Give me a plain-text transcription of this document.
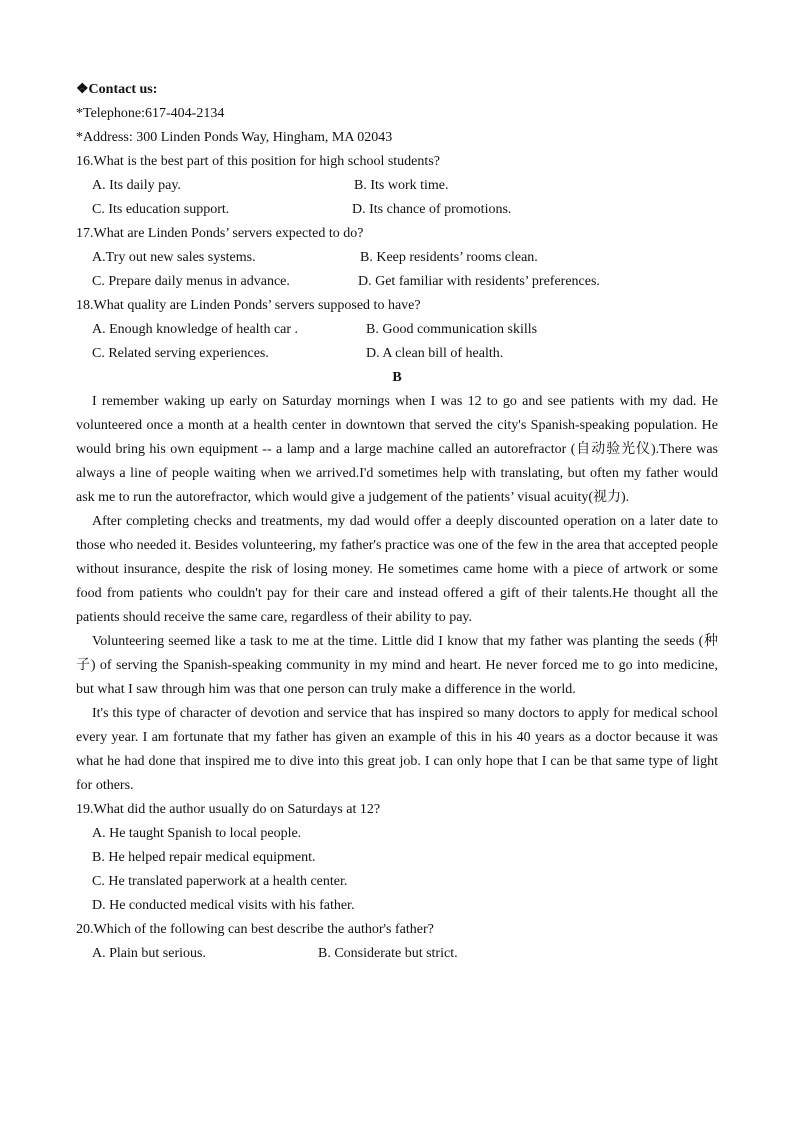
❖Contact us:
*Telephone:617-404-2134
*Address: 300 Linden Ponds Way, Hingham, MA 02043
16.What is the best part of this position for high school students?
A. Its daily pay.	B. Its work time.
C. Its education support.	D. Its chance of promotions.
17.What are Linden Ponds’ servers expected to do?
A.Try out new sales systems.	B. Keep residents’ rooms clean.
C. Prepare daily menus in advance.	D. Get familiar with residents’ preferences.
18.What quality are Linden Ponds’ servers supposed to have?
A. Enough knowledge of health car .	B. Good communication skills
C. Related serving experiences.	D. A clean bill of health.
B

I remember waking up early on Saturday mornings when I was 12 to go and see patients with my dad. He volunteered once a month at a health center in downtown that served the city's Spanish-speaking population. He would bring his own equipment -- a lamp and a large machine called an autorefractor (自动验光仪).There was always a line of people waiting when we arrived.I'd sometimes help with translating, but often my father would ask me to run the autorefractor, which would give a judgement of the patients’ visual acuity(视力).

After completing checks and treatments, my dad would offer a deeply discounted operation on a later date to those who needed it. Besides volunteering, my father's practice was one of the few in the area that accepted people without insurance, despite the risk of losing money. He sometimes came home with a piece of artwork or some food from patients who couldn't pay for their care and instead offered a gift of their talents.He thought all the patients should receive the same care, regardless of their ability to pay.

Volunteering seemed like a task to me at the time. Little did I know that my father was planting the seeds (种子) of serving the Spanish-speaking community in my mind and heart. He never forced me to go into medicine, but what I saw through him was that one person can truly make a difference in the world.

It's this type of character of devotion and service that has inspired so many doctors to apply for medical school every year. I am fortunate that my father has given an example of this in his 40 years as a doctor because it was what he had done that inspired me to dive into this great job. I can only hope that I can be that same type of light for others.

19.What did the author usually do on Saturdays at 12?
A. He taught Spanish to local people.
B. He helped repair medical equipment.
C. He translated paperwork at a health center.
D. He conducted medical visits with his father.
20.Which of the following can best describe the author's father?
A. Plain but serious.	B. Considerate but strict.
